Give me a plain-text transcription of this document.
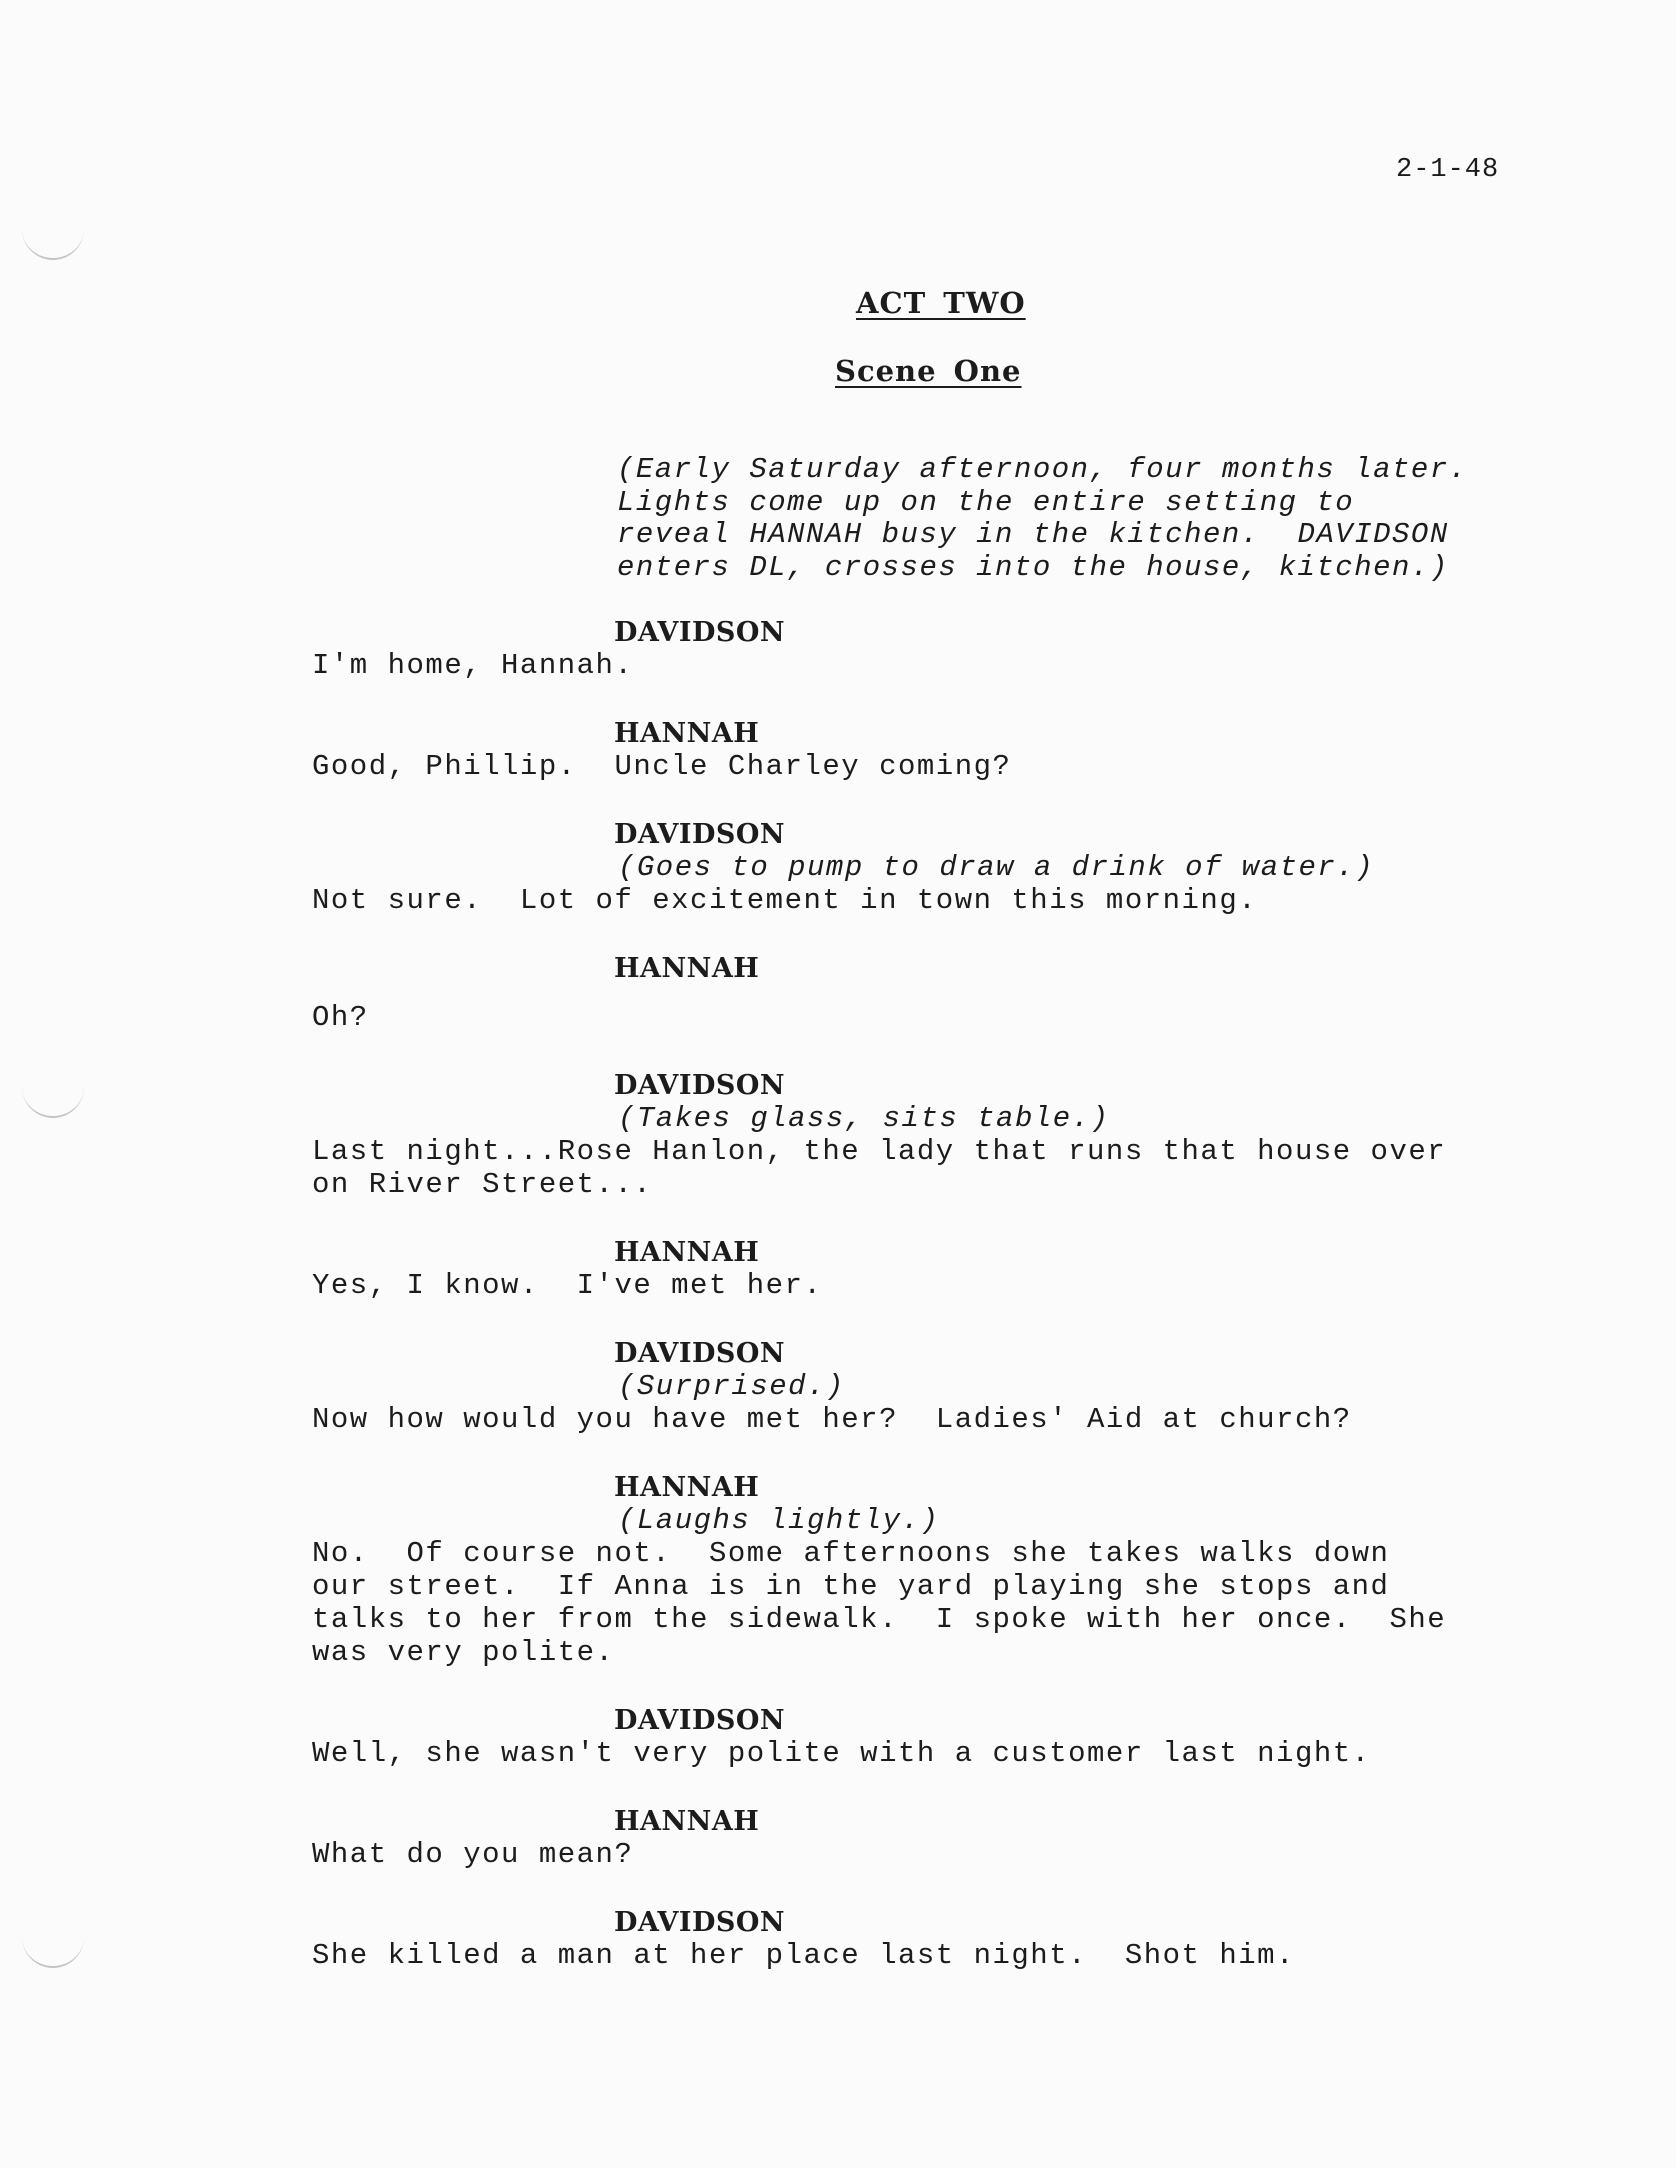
2-1-48
ACT TWO
Scene One
(Early Saturday afternoon, four months later.
Lights come up on the entire setting to
reveal HANNAH busy in the kitchen.  DAVIDSON
enters DL, crosses into the house, kitchen.)
DAVIDSON
I'm home, Hannah.
HANNAH
Good, Phillip.  Uncle Charley coming?
DAVIDSON
(Goes to pump to draw a drink of water.)
Not sure.  Lot of excitement in town this morning.
HANNAH
Oh?
DAVIDSON
(Takes glass, sits table.)
Last night...Rose Hanlon, the lady that runs that house over
on River Street...
HANNAH
Yes, I know.  I've met her.
DAVIDSON
(Surprised.)
Now how would you have met her?  Ladies' Aid at church?
HANNAH
(Laughs lightly.)
No.  Of course not.  Some afternoons she takes walks down
our street.  If Anna is in the yard playing she stops and
talks to her from the sidewalk.  I spoke with her once.  She
was very polite.
DAVIDSON
Well, she wasn't very polite with a customer last night.
HANNAH
What do you mean?
DAVIDSON
She killed a man at her place last night.  Shot him.
